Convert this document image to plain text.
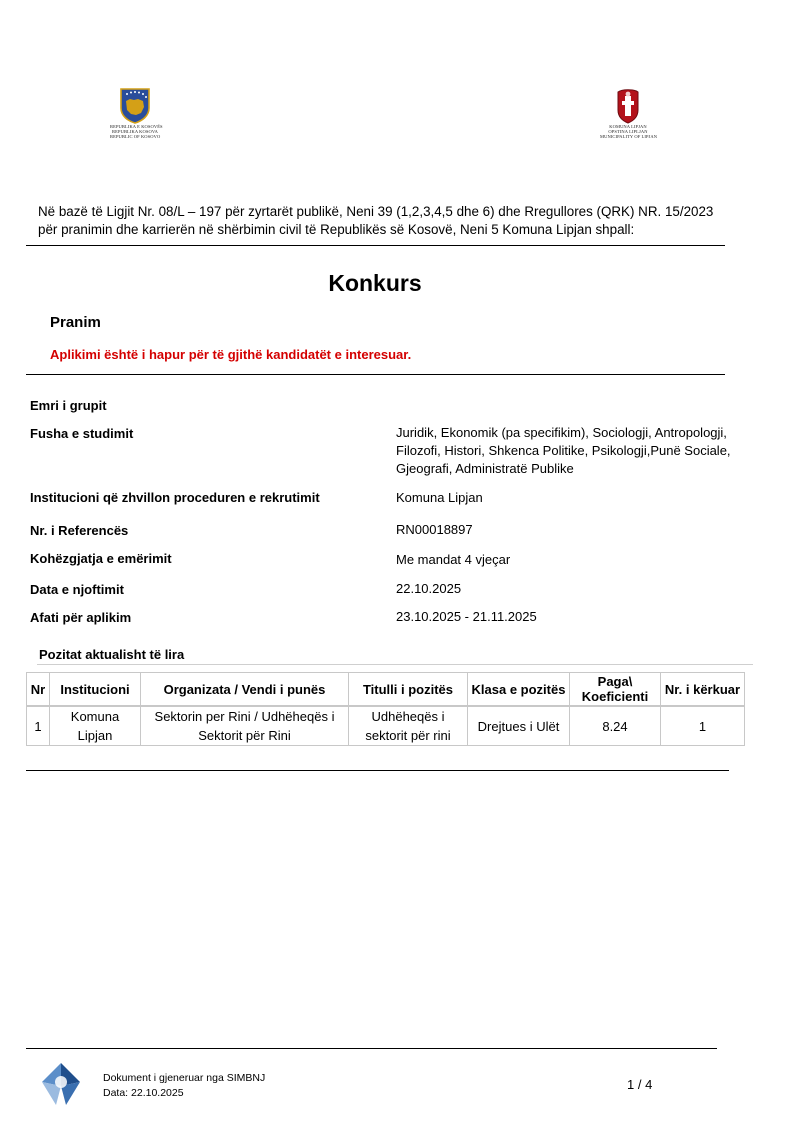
REPUBLIKA E KOSOVËS
REPUBLIKA KOSOVA
REPUBLIC OF KOSOVO
KOMUNA LIPJAN
OPSTINA LIPLJAN
MUNICIPALITY OF LIPJAN
Në bazë të Ligjit Nr. 08/L – 197 për zyrtarët publikë, Neni 39 (1,2,3,4,5 dhe 6) dhe Rregullores (QRK) NR. 15/2023 për pranimin dhe karrierën në shërbimin civil të Republikës së Kosovë, Neni 5 Komuna Lipjan shpall:
Konkurs
Pranim
Aplikimi është i hapur për të gjithë kandidatët e interesuar.
Emri i grupit
Fusha e studimit	Juridik, Ekonomik (pa specifikim), Sociologji, Antropologji, Filozofi, Histori, Shkenca Politike, Psikologji,Punë Sociale, Gjeografi, Administratë Publike
Institucioni që zhvillon proceduren e rekrutimit	Komuna Lipjan
Nr. i Referencës	RN00018897
Kohëzgjatja e emërimit	Me mandat 4 vjeçar
Data e njoftimit	22.10.2025
Afati për aplikim	23.10.2025 - 21.11.2025
Pozitat aktualisht të lira
Nr	Institucioni	Organizata / Vendi i punës	Titulli i pozitës	Klasa e pozitës	Paga\ Koeficienti	Nr. i kërkuar
1	Komuna Lipjan	Sektorin per Rini / Udhëheqës i Sektorit për Rini	Udhëheqës i sektorit për rini	Drejtues i Ulët	8.24	1
Dokument i gjeneruar nga SIMBNJ
Data: 22.10.2025
1 / 4
